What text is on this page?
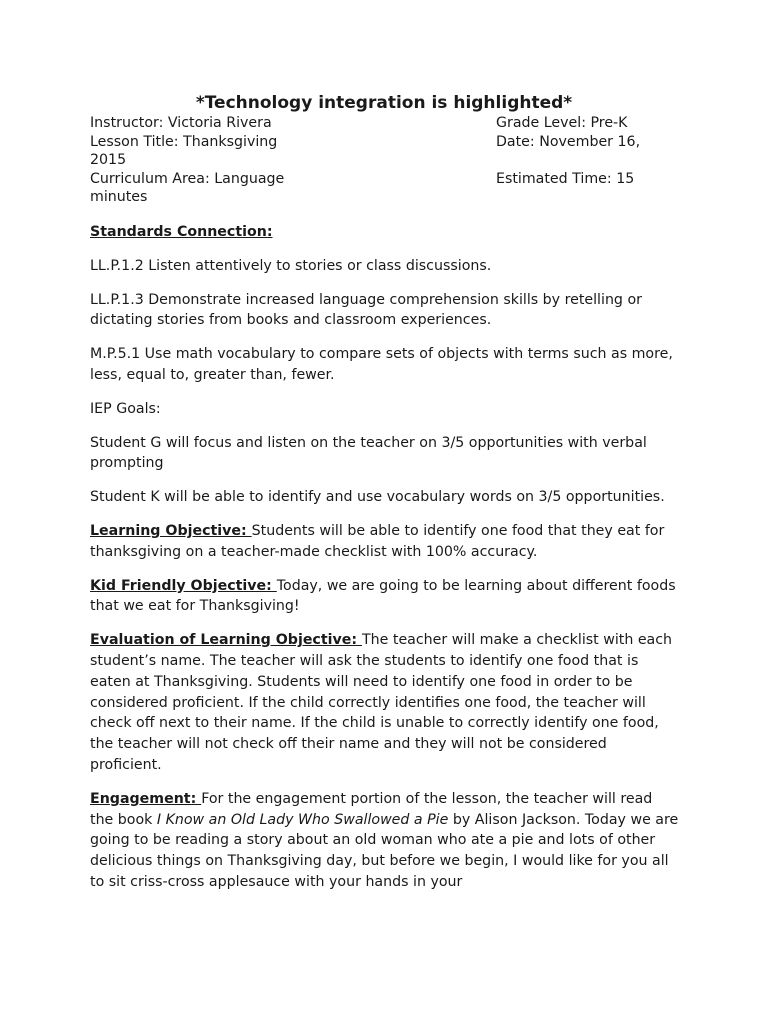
*Technology integration is highlighted*
Instructor: Victoria Rivera
Lesson Title: Thanksgiving
2015
Curriculum Area: Language
minutes
Grade Level: Pre-K
Date: November 16,
Estimated Time: 15

Standards Connection:

LL.P.1.2 Listen attentively to stories or class discussions.

LL.P.1.3 Demonstrate increased language comprehension skills by retelling or dictating stories from books and classroom experiences.

M.P.5.1 Use math vocabulary to compare sets of objects with terms such as more, less, equal to, greater than, fewer.

IEP Goals:

Student G will focus and listen on the teacher on 3/5 opportunities with verbal prompting

Student K will be able to identify and use vocabulary words on 3/5 opportunities.

Learning Objective: Students will be able to identify one food that they eat for thanksgiving on a teacher-made checklist with 100% accuracy.

Kid Friendly Objective: Today, we are going to be learning about different foods that we eat for Thanksgiving!

Evaluation of Learning Objective: The teacher will make a checklist with each student’s name. The teacher will ask the students to identify one food that is eaten at Thanksgiving. Students will need to identify one food in order to be considered proficient. If the child correctly identifies one food, the teacher will check off next to their name. If the child is unable to correctly identify one food, the teacher will not check off their name and they will not be considered proficient.

Engagement: For the engagement portion of the lesson, the teacher will read the book I Know an Old Lady Who Swallowed a Pie by Alison Jackson. Today we are going to be reading a story about an old woman who ate a pie and lots of other delicious things on Thanksgiving day, but before we begin, I would like for you all to sit criss-cross applesauce with your hands in your
